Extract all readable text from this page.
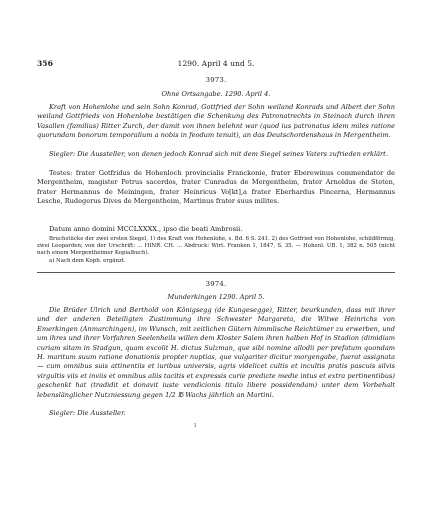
356	1290. April 4 und 5.
3973.
Ohne Ortsangabe. 1290. April 4.

Kraft von Hohenlohe und sein Sohn Konrad, Gottfried der Sohn weiland Konrads und Albert der Sohn weiland Gottfrieds von Hohenlohe bestätigen die Schenkung des Patronatrechts in Steinach durch ihren Vasallen (familius) Ritter Zurch, der damit von ihnen belehnt war (quod ius patronatus idem miles ratione quorundam bonorum temporalium a nobis in feodum tenuit), an das Deutschordenshaus in Mergentheim.

Siegler: Die Aussteller, von denen jedoch Konrad sich mit dem Siegel seines Vaters zufrieden erklärt.

Testes: frater Gotfridus de Hohenloch provincialis Franckonie, frater Eberewinus commendator de Mergentheim, magister Petrus sacerdos, frater Cunradus de Mergentheim, frater Arnoldus de Steten, frater Hermannus de Meiningen, frater Heinricus Vo[kt],a frater Eberhardus Pincerna, Hermannus Lesche, Rudegerus Dives de Mergentheim, Martinus frater suus milites.

Datum anno domini MCCLXXXX., ipso die beati Ambrosii.

Bruchstücke der zwei ersten Siegel, 1) des Kraft von Hohenlohe, s. Bd. 6 S. 241. 2) des Gotfried von Hohenlohe, schildförmig, zwei Leoparden; von der Urschrift: ... HINR. CH. ... Abdruck: Wirt. Franken 1, 1847, S. 35. — Hohenl. UB. 1, 382 n. 505 (nicht nach einem Mergentheimer Kopialbuch).

a) Nach dem Kopb. ergänzt.

3974.
Munderkingen 1290. April 5.

Die Brüder Ulrich und Berthold von Königsegg (de Kungesegge), Ritter, beurkunden, dass mit ihrer und der anderen Beteiligten Zustimmung ihre Schwester Margareta, die Witwe Heinrichs von Emerkingen (Anmarchingen), im Wunsch, mit zeitlichen Gütern himmlische Reichtümer zu erwerben, und um ihres und ihrer Vorfahren Seelenheils willen dem Kloster Salem ihren halben Hof in Stadion (dimidiam curiam sitam in Stadgun, quam excolit H. dictus Sulzman, que sibi nomine allodii per prefatum quondam H. maritum suum ratione donationis propter nuptias, que vulgariter dicitur morgengabe, fuerat assignata — cum omnibus suis attinentiis et iuribus universis, agris videlicet cultis et incultis pratis pascuis silvis virgultis viis et inviis et omnibus aliis tacitis et expressis curie predicte medie intus et extra pertinentibus) geschenkt hat (tradidit et donavit iuste vendicionis titulo libere possidendam) unter dem Vorbehalt lebenslänglicher Nutzniessung gegen 1/2 ℔ Wachs jährlich an Martini.

Siegler: Die Aussteller.

ı
